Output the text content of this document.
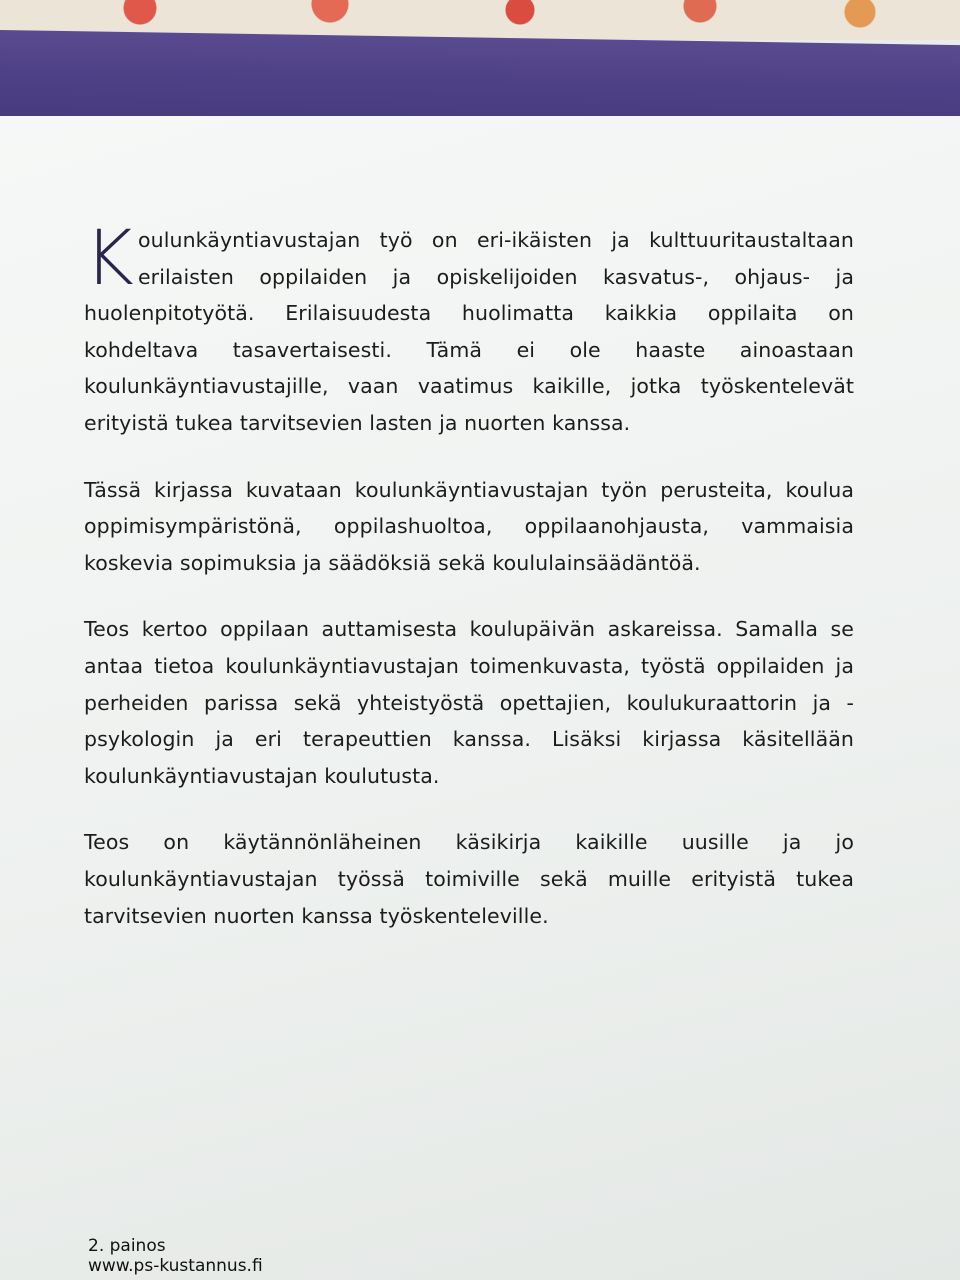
Koulunkäyntiavustajan työ on eri-ikäisten ja kulttuuritaustaltaan erilaisten oppilaiden ja opiskelijoiden kasvatus-, ohjaus- ja huolenpitotyötä. Erilaisuudesta huolimatta kaikkia oppilaita on kohdeltava tasavertaisesti. Tämä ei ole haaste ainoastaan koulunkäyntiavustajille, vaan vaatimus kaikille, jotka työskentelevät erityistä tukea tarvitsevien lasten ja nuorten kanssa.

Tässä kirjassa kuvataan koulunkäyntiavustajan työn perusteita, koulua oppimisympäristönä, oppilashuoltoa, oppilaanohjausta, vammaisia koskevia sopimuksia ja säädöksiä sekä koululainsäädäntöä.

Teos kertoo oppilaan auttamisesta koulupäivän askareissa. Samalla se antaa tietoa koulunkäyntiavustajan toimenkuvasta, työstä oppilaiden ja perheiden parissa sekä yhteistyöstä opettajien, koulukuraattorin ja -psykologin ja eri terapeuttien kanssa. Lisäksi kirjassa käsitellään koulunkäyntiavustajan koulutusta.

Teos on käytännönläheinen käsikirja kaikille uusille ja jo koulunkäyntiavustajan työssä toimiville sekä muille erityistä tukea tarvitsevien nuorten kanssa työskenteleville.

2. painos
www.ps-kustannus.fi
